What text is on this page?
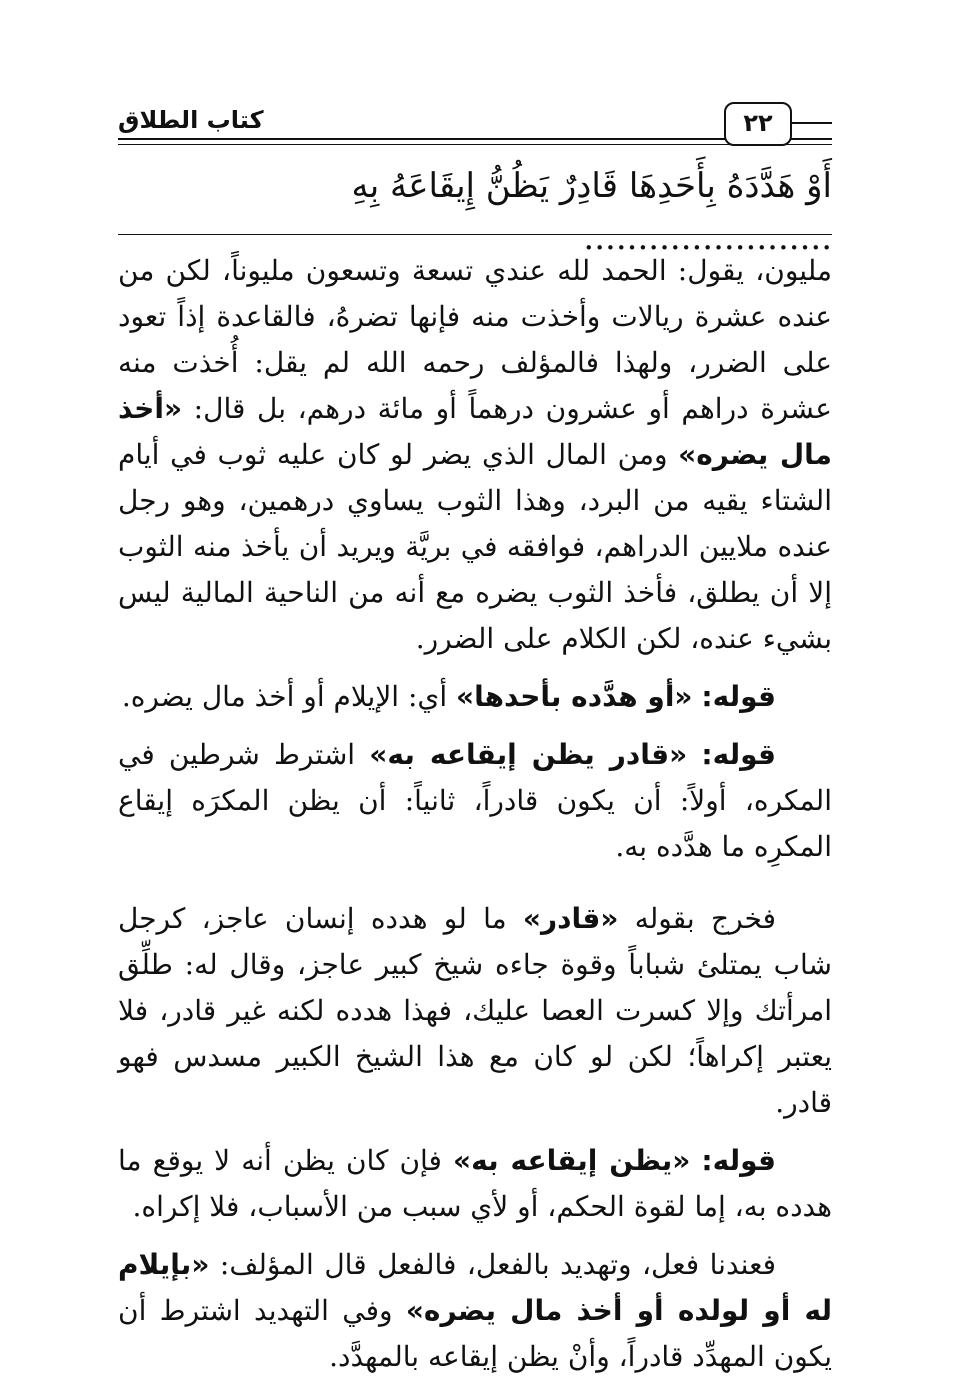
كتاب الطلاق	٢٢
أَوْ هَدَّدَهُ بِأَحَدِهَا قَادِرٌ يَظُنُّ إِيقَاعَهُ بِهِ .......................

مليون، يقول: الحمد لله عندي تسعة وتسعون مليوناً، لكن من عنده عشرة ريالات وأخذت منه فإنها تضرهُ، فالقاعدة إذاً تعود على الضرر، ولهذا فالمؤلف رحمه الله لم يقل: أُخذت منه عشرة دراهم أو عشرون درهماً أو مائة درهم، بل قال: «أخذ مال يضره» ومن المال الذي يضر لو كان عليه ثوب في أيام الشتاء يقيه من البرد، وهذا الثوب يساوي درهمين، وهو رجل عنده ملايين الدراهم، فوافقه في بريَّة ويريد أن يأخذ منه الثوب إلا أن يطلق، فأخذ الثوب يضره مع أنه من الناحية المالية ليس بشيء عنده، لكن الكلام على الضرر.

قوله: «أو هدَّده بأحدها» أي: الإيلام أو أخذ مال يضره.

قوله: «قادر يظن إيقاعه به» اشترط شرطين في المكره، أولاً: أن يكون قادراً، ثانياً: أن يظن المكرَه إيقاع المكرِه ما هدَّده به.

فخرج بقوله «قادر» ما لو هدده إنسان عاجز، كرجل شاب يمتلئ شباباً وقوة جاءه شيخ كبير عاجز، وقال له: طلِّق امرأتك وإلا كسرت العصا عليك، فهذا هدده لكنه غير قادر، فلا يعتبر إكراهاً؛ لكن لو كان مع هذا الشيخ الكبير مسدس فهو قادر.

قوله: «يظن إيقاعه به» فإن كان يظن أنه لا يوقع ما هدده به، إما لقوة الحكم، أو لأي سبب من الأسباب، فلا إكراه.

فعندنا فعل، وتهديد بالفعل، فالفعل قال المؤلف: «بإيلام له أو لولده أو أخذ مال يضره» وفي التهديد اشترط أن يكون المهدِّد قادراً، وأنْ يظن إيقاعه بالمهدَّد.
